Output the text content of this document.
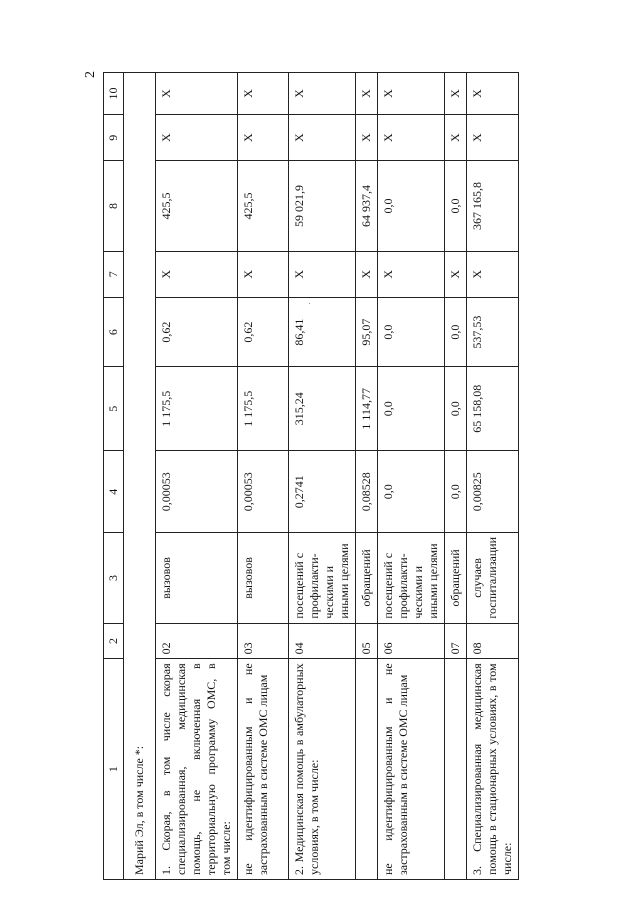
2
1	2	3	4	5	6	7	8	9	10
Марий Эл, в том числе *:									
1. Скорая, в том числе скорая специализированная, медицинская помощь, не включенная в территориальную программу ОМС, в том числе:	02	вызовов	0,00053	1 175,5	0,62	X	425,5	X	X
не идентифицированным и не застрахованным в системе ОМС лицам	03	вызовов	0,00053	1 175,5	0,62	X	425,5	X	X
2. Медицинская помощь в амбулаторных условиях, в том числе:	04	посещений с профилакти-ческими и иными целями	0,2741	315,24	86,41	X	59 021,9	X	X
	05	обращений	0,08528	1 114,77	95,07	X	64 937,4	X	X
не идентифицированным и не застрахованным в системе ОМС лицам	06	посещений с профилакти-ческими и иными целями	0,0	0,0	0,0	X	0,0	X	X
	07	обращений	0,0	0,0	0,0	X	0,0	X	X
3. Специализированная медицинская помощь в стационарных условиях, в том числе:	08	случаев госпитализации	0,00825	65 158,08	537,53	X	367 165,8	X	X
